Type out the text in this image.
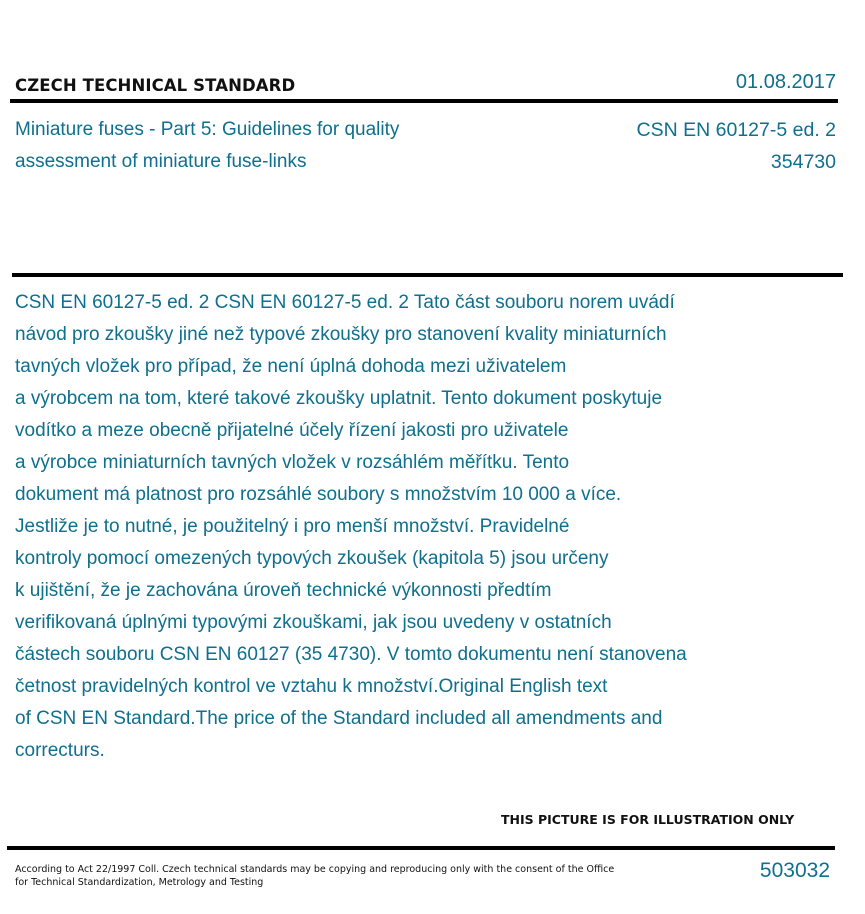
CZECH TECHNICAL STANDARD	01.08.2017
Miniature fuses - Part 5: Guidelines for quality
assessment of miniature fuse-links
CSN EN 60127-5 ed. 2
354730
CSN EN 60127-5 ed. 2 CSN EN 60127-5 ed. 2 Tato část souboru norem uvádí
návod pro zkoušky jiné než typové zkoušky pro stanovení kvality miniaturních
tavných vložek pro případ, že není úplná dohoda mezi uživatelem
a výrobcem na tom, které takové zkoušky uplatnit. Tento dokument poskytuje
vodítko a meze obecně přijatelné účely řízení jakosti pro uživatele
a výrobce miniaturních tavných vložek v rozsáhlém měřítku. Tento
dokument má platnost pro rozsáhlé soubory s množstvím 10 000 a více.
Jestliže je to nutné, je použitelný i pro menší množství. Pravidelné
kontroly pomocí omezených typových zkoušek (kapitola 5) jsou určeny
k ujištění, že je zachována úroveň technické výkonnosti předtím
verifikovaná úplnými typovými zkouškami, jak jsou uvedeny v ostatních
částech souboru CSN EN 60127 (35 4730). V tomto dokumentu není stanovena
četnost pravidelných kontrol ve vztahu k množství.Original English text
of CSN EN Standard.The price of the Standard included all amendments and
correcturs.
THIS PICTURE IS FOR ILLUSTRATION ONLY
According to Act 22/1997 Coll. Czech technical standards may be copying and reproducing only with the consent of the Office
for Technical Standardization, Metrology and Testing
503032
